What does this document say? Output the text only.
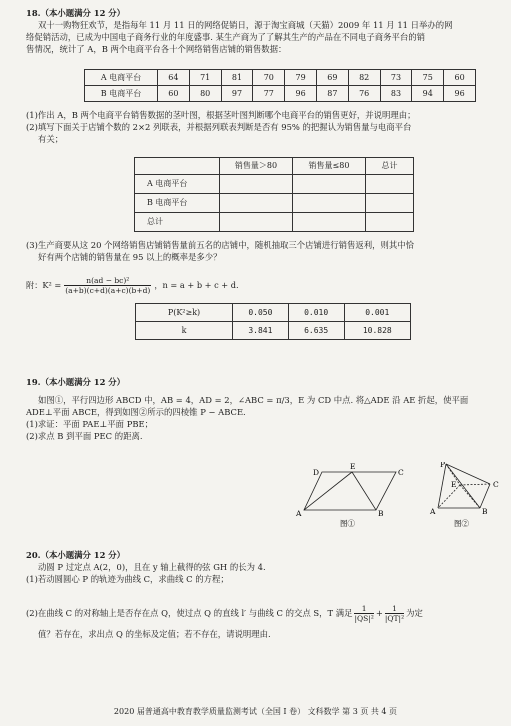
18.（本小题满分 12 分）

双十一购物狂欢节，是指每年 11 月 11 日的网络促销日，源于淘宝商城（天猫）2009 年 11 月 11 日举办的网

络促销活动，已成为中国电子商务行业的年度盛事. 某生产商为了了解其生产的产品在不同电子商务平台的销

售情况，统计了 A，B 两个电商平台各十个网络销售店铺的销售数据：

A 电商平台	64	71	81	70	79	69	82	73	75	60
B 电商平台	60	80	97	77	96	87	76	83	94	96

(1)作出 A，B 两个电商平台销售数据的茎叶图，根据茎叶图判断哪个电商平台的销售更好，并说明理由；

(2)填写下面关于店铺个数的 2×2 列联表，并根据列联表判断是否有 95% 的把握认为销售量与电商平台

有关；

	销售量＞80	销售量≤80	总计
A 电商平台			
B 电商平台			
总计			

(3)生产商要从这 20 个网络销售店铺销售量前五名的店铺中，随机抽取三个店铺进行销售返利，则其中恰

好有两个店铺的销售量在 95 以上的概率是多少？

附：$K^2 = \frac{\text{n(ad − bc)²}}{(a+b)(c+d)(a+c)(b+d)}$ ，n = a + b + c + d.
P(K²≥k)	0.050	0.010	0.001
k	3.841	6.635	10.828

19.（本小题满分 12 分）

如图①，平行四边形 ABCD 中，AB = 4，AD = 2，∠ABC = π/3，E 为 CD 中点. 将△ADE 沿 AE 折起，使平面

ADE⊥平面 ABCE，得到如图②所示的四棱锥 P − ABCE.

(1)求证：平面 PAE⊥平面 PBE；

(2)求点 B 到平面 PEC 的距离.

D
E
C
A	B
图①
P
E	C
A	B
图②

20.（本小题满分 12 分）

动圆 P 过定点 A(2，0)，且在 y 轴上截得的弦 GH 的长为 4.

(1)若动圆圆心 P 的轨迹为曲线 C，求曲线 C 的方程；

(2)在曲线 C 的对称轴上是否存在点 Q，使过点 Q 的直线 l′ 与曲线 C 的交点 S，T 满足 $\frac{1}{\text{|QS|²}} + \frac{1}{\text{|QT|²}}$ 为定

值？若存在，求出点 Q 的坐标及定值；若不存在，请说明理由.

2020 届普通高中教育教学质量监测考试（全国 I 卷） 文科数学 第 3 页 共 4 页
